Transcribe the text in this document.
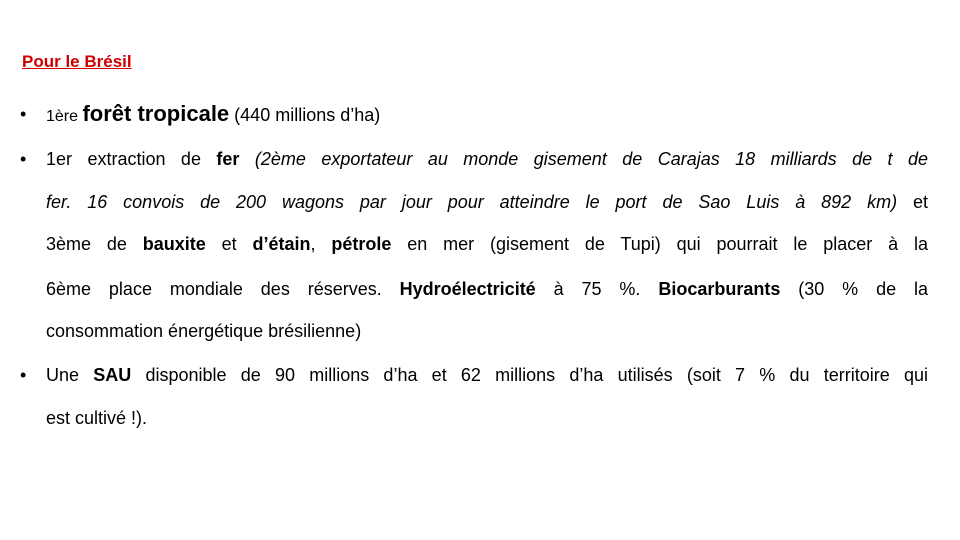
Pour le Brésil
• 1ère forêt tropicale (440 millions d’ha)
• 1er extraction de fer (2ème exportateur au monde gisement de Carajas 18 milliards de t de
fer. 16 convois de 200 wagons par jour pour atteindre le port de Sao Luis à 892 km) et
3ème de bauxite et d’étain, pétrole en mer (gisement de Tupi) qui pourrait le placer à la
6ème place mondiale des réserves. Hydroélectricité à 75 %. Biocarburants (30 % de la
consommation énergétique brésilienne)
• Une SAU disponible de 90 millions d’ha et 62 millions d’ha utilisés (soit 7 % du territoire qui
est cultivé !).
